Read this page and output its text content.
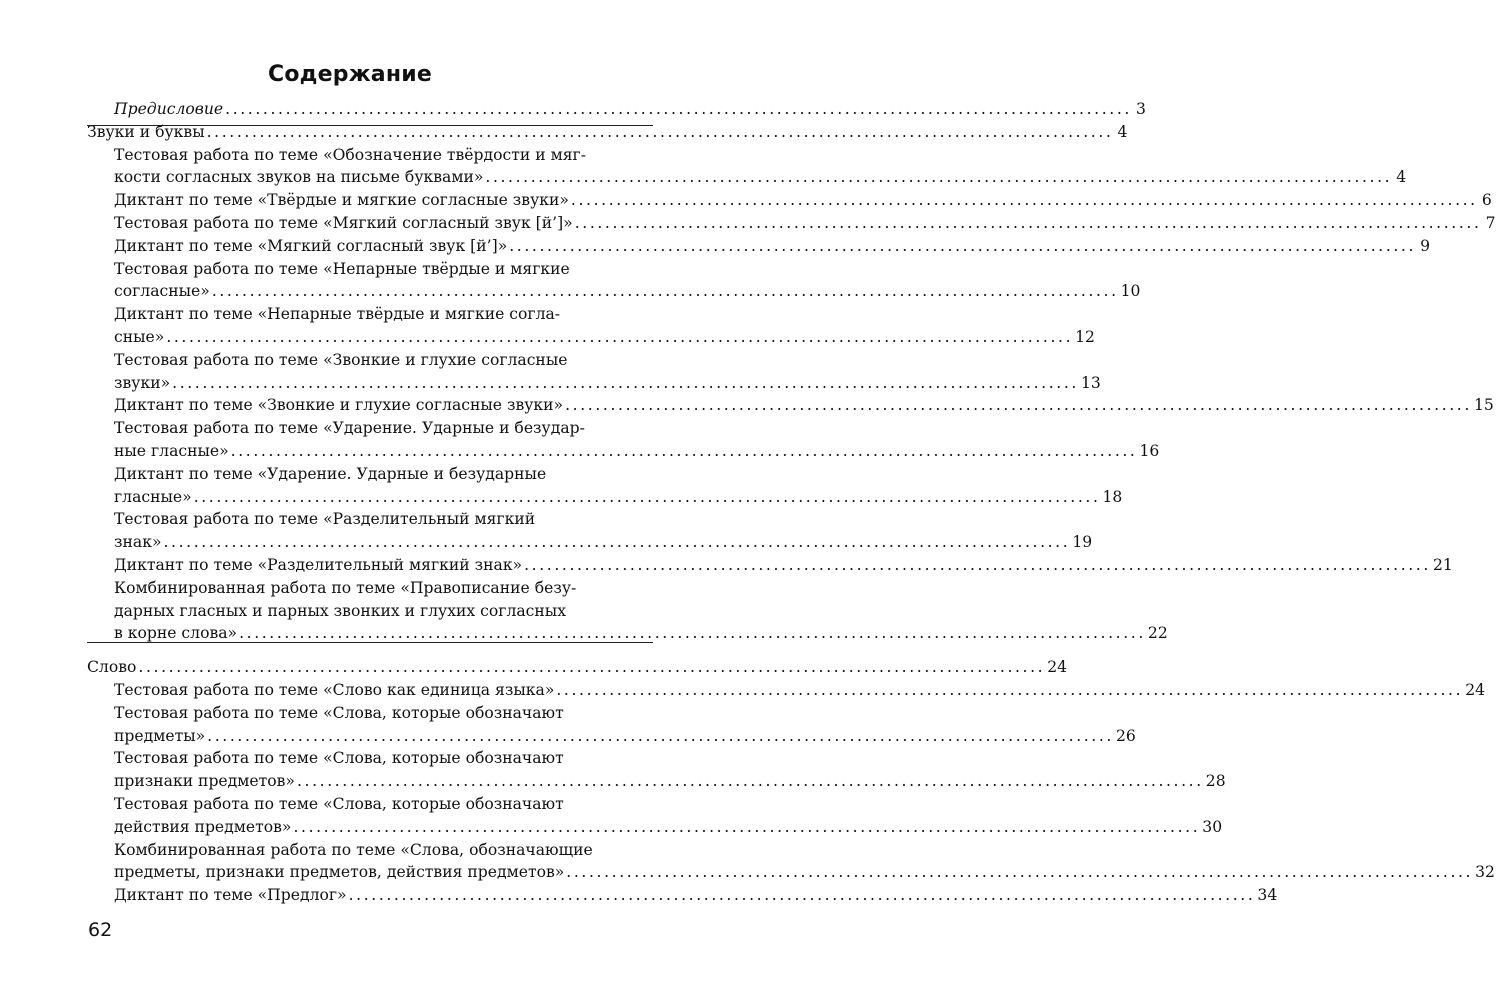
Содержание
Предисловие ........................................................................................................................ 3
Звуки и буквы ........................................................................................................................ 4
Тестовая работа по теме «Обозначение твёрдости и мяг-
кости согласных звуков на письме буквами» ........................................................................................................................ 4
Диктант по теме «Твёрдые и мягкие согласные звуки» ........................................................................................................................ 6
Тестовая работа по теме «Мягкий согласный звук [й’]» ........................................................................................................................ 7
Диктант по теме «Мягкий согласный звук [й’]» ........................................................................................................................ 9
Тестовая работа по теме «Непарные твёрдые и мягкие
согласные» ........................................................................................................................ 10
Диктант по теме «Непарные твёрдые и мягкие согла-
сные» ........................................................................................................................ 12
Тестовая работа по теме «Звонкие и глухие согласные
звуки» ........................................................................................................................ 13
Диктант по теме «Звонкие и глухие согласные звуки» ........................................................................................................................ 15
Тестовая работа по теме «Ударение. Ударные и безудар-
ные гласные» ........................................................................................................................ 16
Диктант по теме «Ударение. Ударные и безударные
гласные» ........................................................................................................................ 18
Тестовая работа по теме «Разделительный мягкий
знак» ........................................................................................................................ 19
Диктант по теме «Разделительный мягкий знак» ........................................................................................................................ 21
Комбинированная работа по теме «Правописание безу-
дарных гласных и парных звонких и глухих согласных
в корне слова» ........................................................................................................................ 22
Слово ........................................................................................................................ 24
Тестовая работа по теме «Слово как единица языка» ........................................................................................................................ 24
Тестовая работа по теме «Слова, которые обозначают
предметы» ........................................................................................................................ 26
Тестовая работа по теме «Слова, которые обозначают
признаки предметов» ........................................................................................................................ 28
Тестовая работа по теме «Слова, которые обозначают
действия предметов» ........................................................................................................................ 30
Комбинированная работа по теме «Слова, обозначающие
предметы, признаки предметов, действия предметов» ........................................................................................................................ 32
Диктант по теме «Предлог» ........................................................................................................................ 34
62
